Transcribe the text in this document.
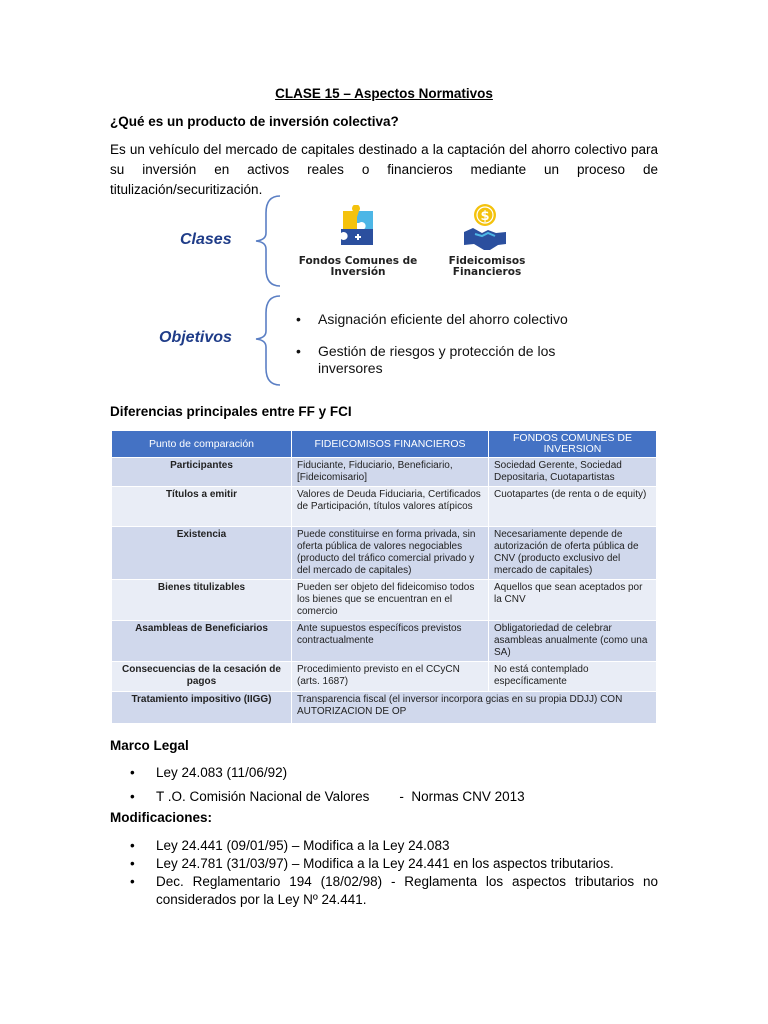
CLASE 15 – Aspectos Normativos
¿Qué es un producto de inversión colectiva?
Es un vehículo del mercado de capitales destinado a la captación del ahorro colectivo para su inversión en activos reales o financieros mediante un proceso de titulización/securitización.
Clases
Objetivos
Fondos Comunes de
Inversión
$
Fideicomisos
Financieros
• Asignación eficiente del ahorro colectivo
• Gestión de riesgos y protección de los
inversores
Diferencias principales entre FF y FCI
Punto de comparación	FIDEICOMISOS FINANCIEROS	FONDOS COMUNES DE INVERSION
Participantes	Fiduciante, Fiduciario, Beneficiario, [Fideicomisario]	Sociedad Gerente, Sociedad Depositaria, Cuotapartistas
Títulos a emitir	Valores de Deuda Fiduciaria, Certificados de Participación, títulos valores atípicos	Cuotapartes (de renta o de equity)
Existencia	Puede constituirse en forma privada, sin oferta pública de valores negociables (producto del tráfico comercial privado y del mercado de capitales)	Necesariamente depende de autorización de oferta pública de CNV (producto exclusivo del mercado de capitales)
Bienes titulizables	Pueden ser objeto del fideicomiso todos los bienes que se encuentran en el comercio	Aquellos que sean aceptados por la CNV
Asambleas de Beneficiarios	Ante supuestos específicos previstos contractualmente	Obligatoriedad de celebrar asambleas anualmente (como una SA)
Consecuencias de la cesación de pagos	Procedimiento previsto en el CCyCN (arts. 1687)	No está contemplado específicamente
Tratamiento impositivo (IIGG)	Transparencia fiscal (el inversor incorpora gcias en su propia DDJJ) CON AUTORIZACION DE OP	
Marco Legal
• Ley 24.083 (11/06/92)
• T .O. Comisión Nacional de Valores        -  Normas CNV 2013
Modificaciones:
• Ley 24.441 (09/01/95) – Modifica a la Ley 24.083
• Ley 24.781 (31/03/97) – Modifica a la Ley 24.441 en los aspectos tributarios.
• Dec. Reglamentario 194 (18/02/98) - Reglamenta los aspectos tributarios no considerados por la Ley Nº 24.441.
